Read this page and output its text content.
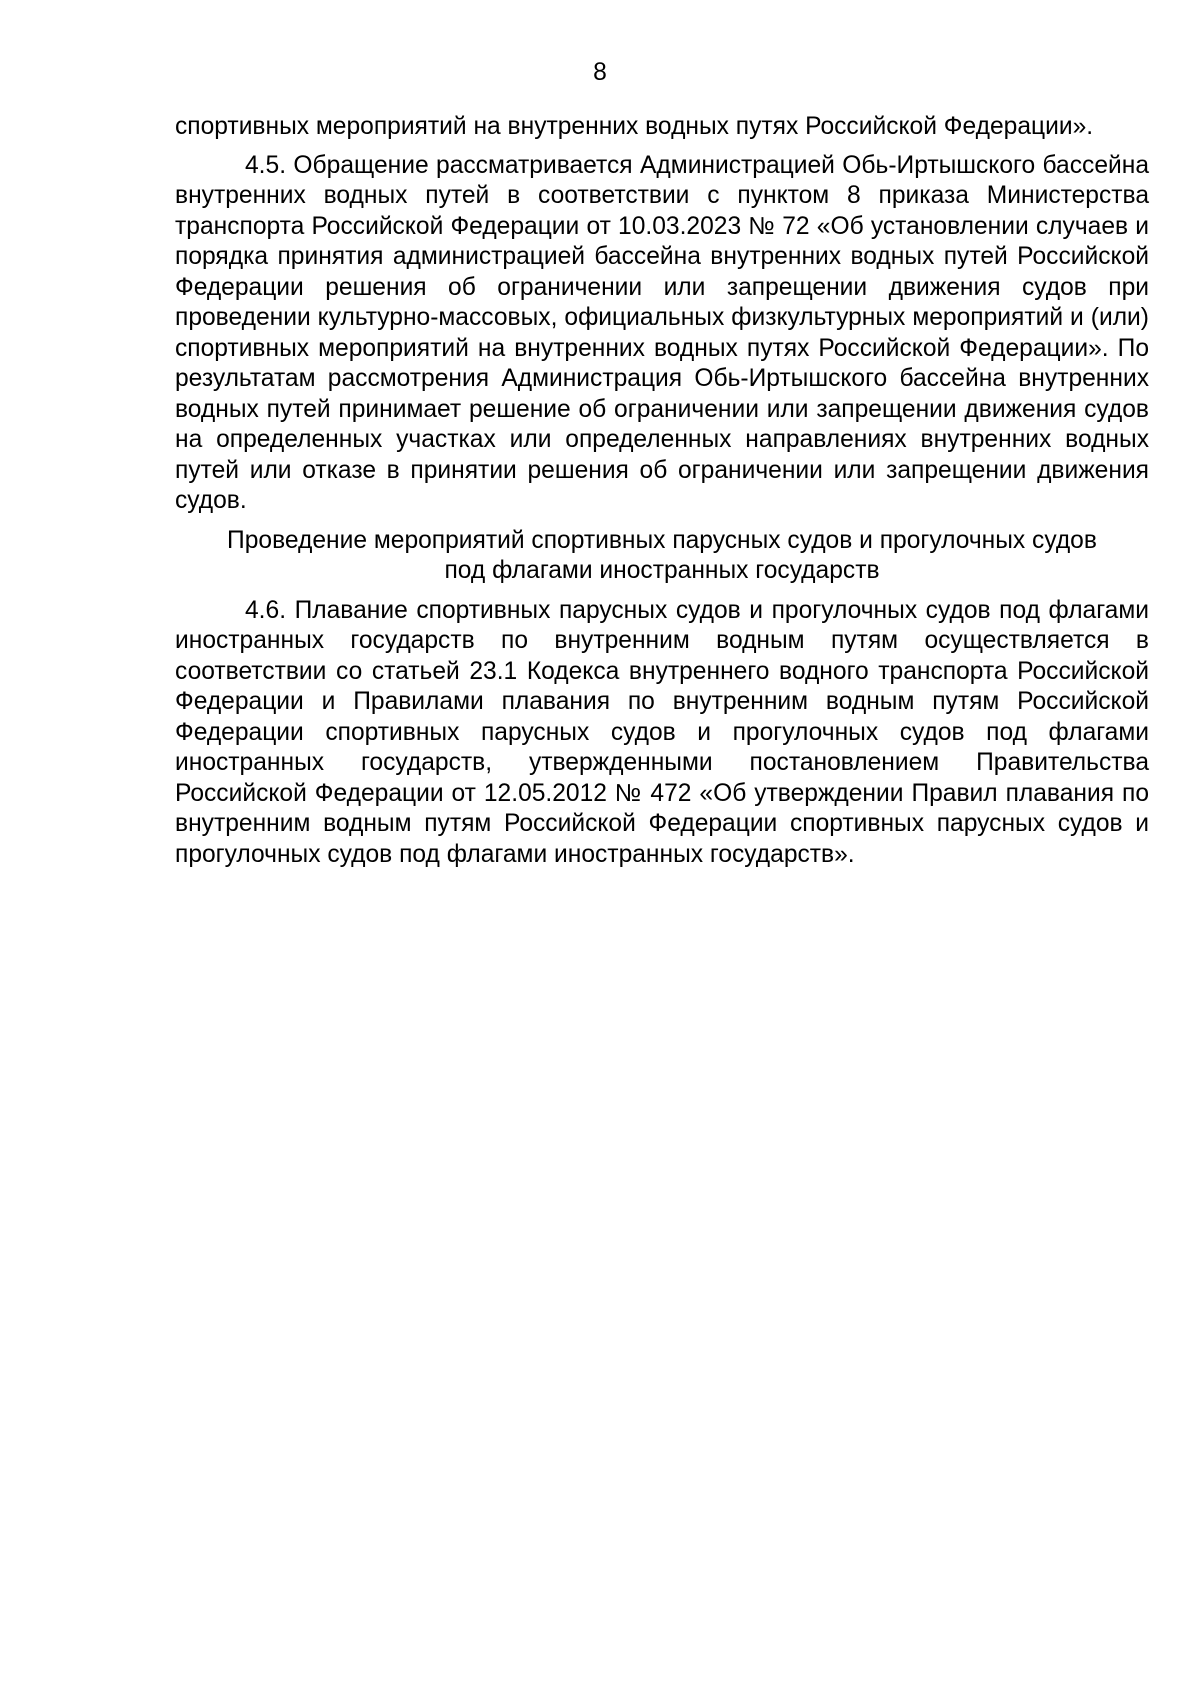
8

спортивных мероприятий на внутренних водных путях Российской Федерации».

4.5. Обращение рассматривается Администрацией Обь-Иртышского бассейна внутренних водных путей в соответствии с пунктом 8 приказа Министерства транспорта Российской Федерации от 10.03.2023 № 72 «Об установлении случаев и порядка принятия администрацией бассейна внутренних водных путей Российской Федерации решения об ограничении или запрещении движения судов при проведении культурно-массовых, официальных физкультурных мероприятий и (или) спортивных мероприятий на внутренних водных путях Российской Федерации». По результатам рассмотрения Администрация Обь-Иртышского бассейна внутренних водных путей принимает решение об ограничении или запрещении движения судов на определенных участках или определенных направлениях внутренних водных путей или отказе в принятии решения об ограничении или запрещении движения судов.

Проведение мероприятий спортивных парусных судов и прогулочных судов
под флагами иностранных государств

4.6. Плавание спортивных парусных судов и прогулочных судов под флагами иностранных государств по внутренним водным путям осуществляется в соответствии со статьей 23.1 Кодекса внутреннего водного транспорта Российской Федерации и Правилами плавания по внутренним водным путям Российской Федерации спортивных парусных судов и прогулочных судов под флагами иностранных государств, утвержденными постановлением Правительства Российской Федерации от 12.05.2012 № 472 «Об утверждении Правил плавания по внутренним водным путям Российской Федерации спортивных парусных судов и прогулочных судов под флагами иностранных государств».
